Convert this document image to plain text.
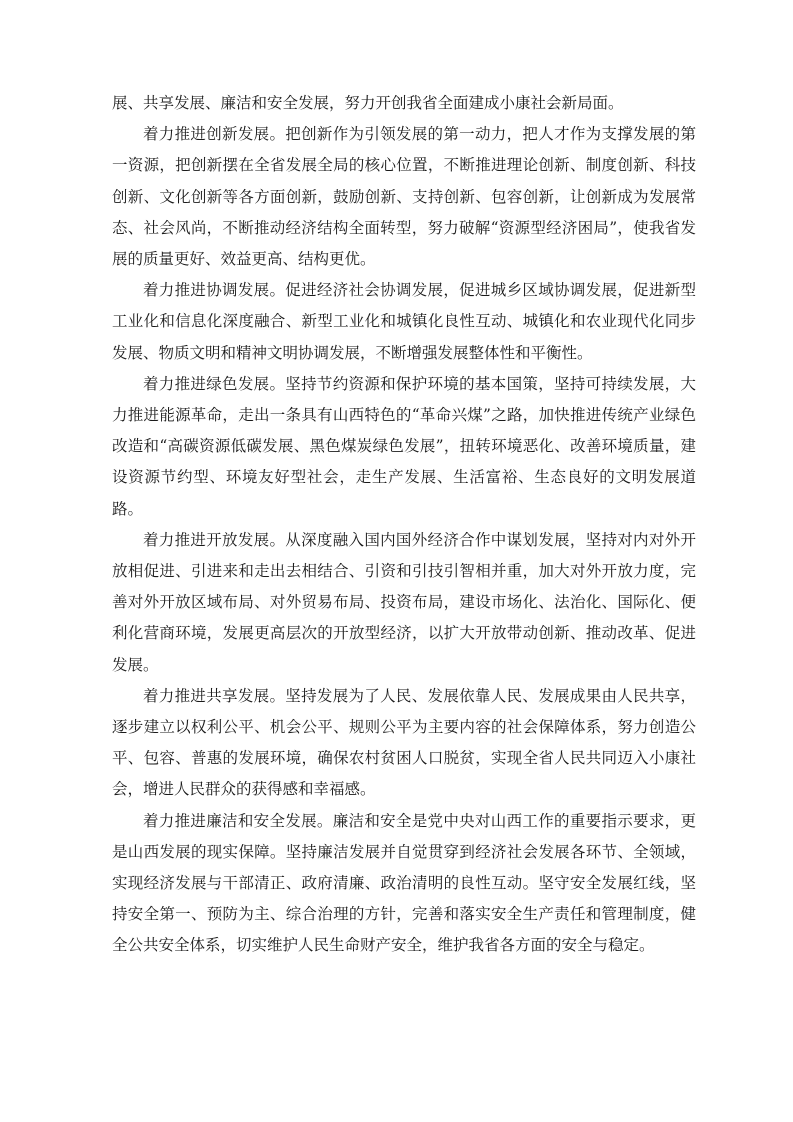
展、共享发展、廉洁和安全发展，努力开创我省全面建成小康社会新局面。

着力推进创新发展。把创新作为引领发展的第一动力，把人才作为支撑发展的第一资源，把创新摆在全省发展全局的核心位置，不断推进理论创新、制度创新、科技创新、文化创新等各方面创新，鼓励创新、支持创新、包容创新，让创新成为发展常态、社会风尚，不断推动经济结构全面转型，努力破解“资源型经济困局”，使我省发展的质量更好、效益更高、结构更优。

着力推进协调发展。促进经济社会协调发展，促进城乡区域协调发展，促进新型工业化和信息化深度融合、新型工业化和城镇化良性互动、城镇化和农业现代化同步发展、物质文明和精神文明协调发展，不断增强发展整体性和平衡性。

着力推进绿色发展。坚持节约资源和保护环境的基本国策，坚持可持续发展，大力推进能源革命，走出一条具有山西特色的“革命兴煤”之路，加快推进传统产业绿色改造和“高碳资源低碳发展、黑色煤炭绿色发展”，扭转环境恶化、改善环境质量，建设资源节约型、环境友好型社会，走生产发展、生活富裕、生态良好的文明发展道路。

着力推进开放发展。从深度融入国内国外经济合作中谋划发展，坚持对内对外开放相促进、引进来和走出去相结合、引资和引技引智相并重，加大对外开放力度，完善对外开放区域布局、对外贸易布局、投资布局，建设市场化、法治化、国际化、便利化营商环境，发展更高层次的开放型经济，以扩大开放带动创新、推动改革、促进发展。

着力推进共享发展。坚持发展为了人民、发展依靠人民、发展成果由人民共享，逐步建立以权利公平、机会公平、规则公平为主要内容的社会保障体系，努力创造公平、包容、普惠的发展环境，确保农村贫困人口脱贫，实现全省人民共同迈入小康社会，增进人民群众的获得感和幸福感。

着力推进廉洁和安全发展。廉洁和安全是党中央对山西工作的重要指示要求，更是山西发展的现实保障。坚持廉洁发展并自觉贯穿到经济社会发展各环节、全领域，实现经济发展与干部清正、政府清廉、政治清明的良性互动。坚守安全发展红线，坚持安全第一、预防为主、综合治理的方针，完善和落实安全生产责任和管理制度，健全公共安全体系，切实维护人民生命财产安全，维护我省各方面的安全与稳定。
